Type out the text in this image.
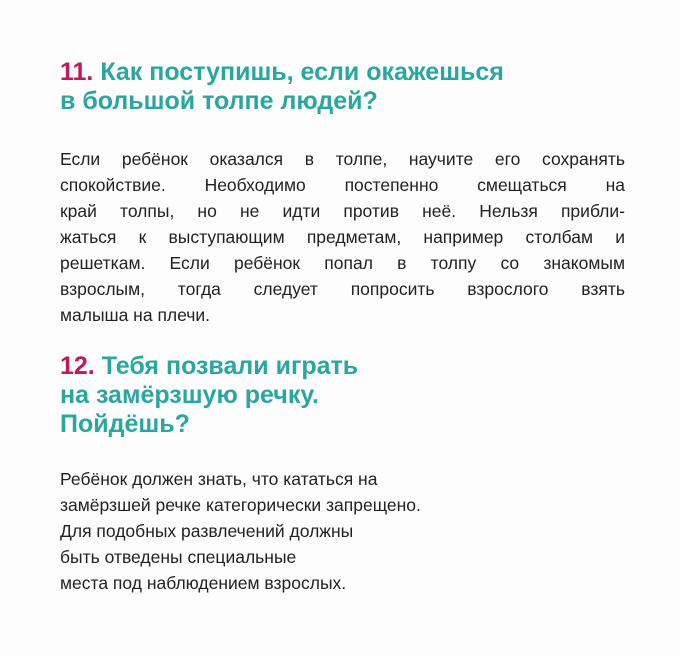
11. Как поступишь, если окажешься
в большой толпе людей?

Если ребёнок оказался в толпе, научите его сохранять
спокойствие. Необходимо постепенно смещаться на
край толпы, но не идти против неё. Нельзя прибли-
жаться к выступающим предметам, например столбам и
решеткам. Если ребёнок попал в толпу со знакомым
взрослым, тогда следует попросить взрослого взять
малыша на плечи.

12. Тебя позвали играть
на замёрзшую речку.
Пойдёшь?

Ребёнок должен знать, что кататься на
замёрзшей речке категорически запрещено.
Для подобных развлечений должны
быть отведены специальные
места под наблюдением взрослых.
